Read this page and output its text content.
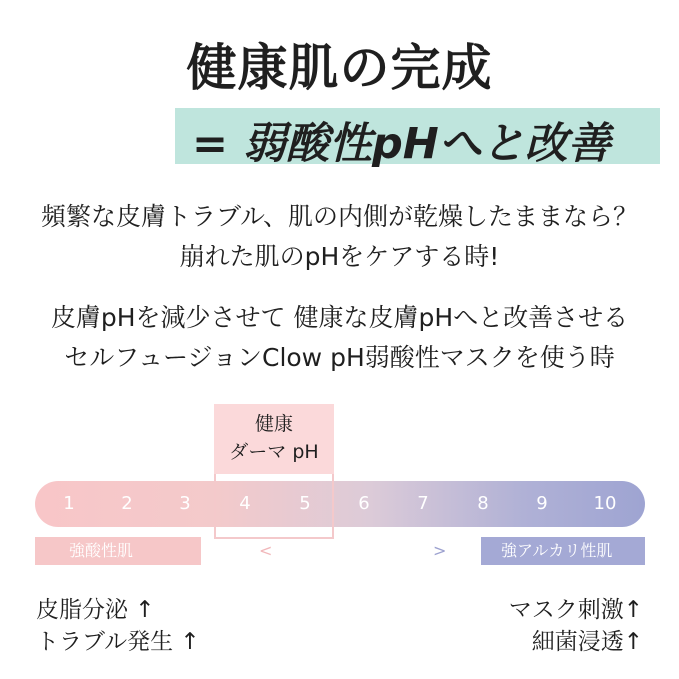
健康肌の完成
= 弱酸性pHへと改善
頻繁な皮膚トラブル、肌の内側が乾燥したままなら？
崩れた肌のpHをケアする時!
皮膚pHを減少させて 健康な皮膚pHへと改善させる
セルフュージョンClow pH弱酸性マスクを使う時
健康
ダーマ pH
1	2	3	4	5	6	7	8	9	10
強酸性肌	<	>	強アルカリ性肌
皮脂分泌 ↑
トラブル発生 ↑
マスク刺激↑
細菌浸透↑
